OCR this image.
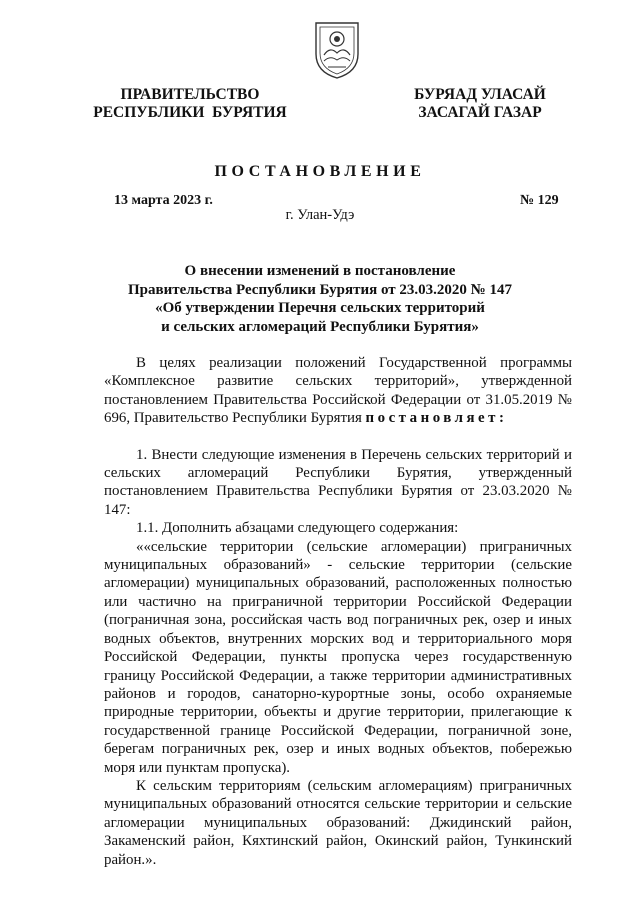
ПРАВИТЕЛЬСТВО
РЕСПУБЛИКИ  БУРЯТИЯ
БУРЯАД УЛАСАЙ
ЗАСАГАЙ ГАЗАР
ПОСТАНОВЛЕНИЕ
13 марта 2023 г.	№ 129
г. Улан-Удэ
О внесении изменений в постановление
Правительства Республики Бурятия от 23.03.2020 № 147
«Об утверждении Перечня сельских территорий
и сельских агломераций Республики Бурятия»

В целях реализации положений Государственной программы «Комплексное развитие сельских территорий», утвержденной постановлением Правительства Российской Федерации от 31.05.2019 № 696, Правительство Республики Бурятия постановляет:

1. Внести следующие изменения в Перечень сельских территорий и сельских агломераций Республики Бурятия, утвержденный постановлением Правительства Республики Бурятия от 23.03.2020 № 147:

1.1. Дополнить абзацами следующего содержания:

««сельские территории (сельские агломерации) приграничных муниципальных образований» - сельские территории (сельские агломерации) муниципальных образований, расположенных полностью или частично на приграничной территории Российской Федерации (пограничная зона, российская часть вод пограничных рек, озер и иных водных объектов, внутренних морских вод и территориального моря Российской Федерации, пункты пропуска через государственную границу Российской Федерации, а также территории административных районов и городов, санаторно-курортные зоны, особо охраняемые природные территории, объекты и другие территории, прилегающие к государственной границе Российской Федерации, пограничной зоне, берегам пограничных рек, озер и иных водных объектов, побережью моря или пунктам пропуска).

К сельским территориям (сельским агломерациям) приграничных муниципальных образований относятся сельские территории и сельские агломерации муниципальных образований: Джидинский район, Закаменский район, Кяхтинский район, Окинский район, Тункинский район.».
